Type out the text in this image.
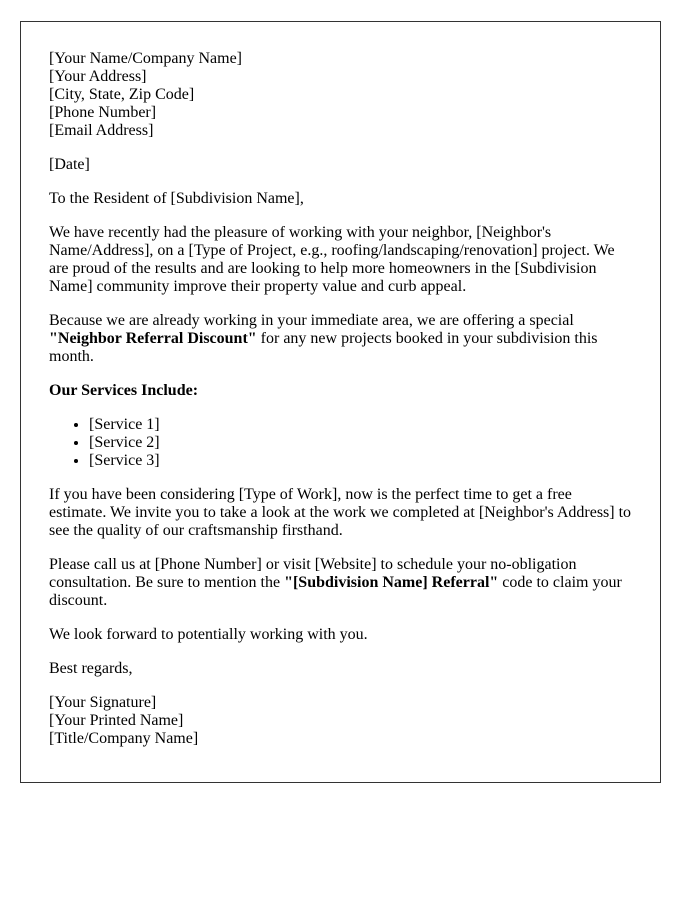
[Your Name/Company Name]
[Your Address]
[City, State, Zip Code]
[Phone Number]
[Email Address]

[Date]

To the Resident of [Subdivision Name],

We have recently had the pleasure of working with your neighbor, [Neighbor's Name/Address], on a [Type of Project, e.g., roofing/landscaping/renovation] project. We are proud of the results and are looking to help more homeowners in the [Subdivision Name] community improve their property value and curb appeal.

Because we are already working in your immediate area, we are offering a special "Neighbor Referral Discount" for any new projects booked in your subdivision this month.

Our Services Include:

• [Service 1]
• [Service 2]
• [Service 3]

If you have been considering [Type of Work], now is the perfect time to get a free estimate. We invite you to take a look at the work we completed at [Neighbor's Address] to see the quality of our craftsmanship firsthand.

Please call us at [Phone Number] or visit [Website] to schedule your no-obligation consultation. Be sure to mention the "[Subdivision Name] Referral" code to claim your discount.

We look forward to potentially working with you.

Best regards,

[Your Signature]
[Your Printed Name]
[Title/Company Name]
